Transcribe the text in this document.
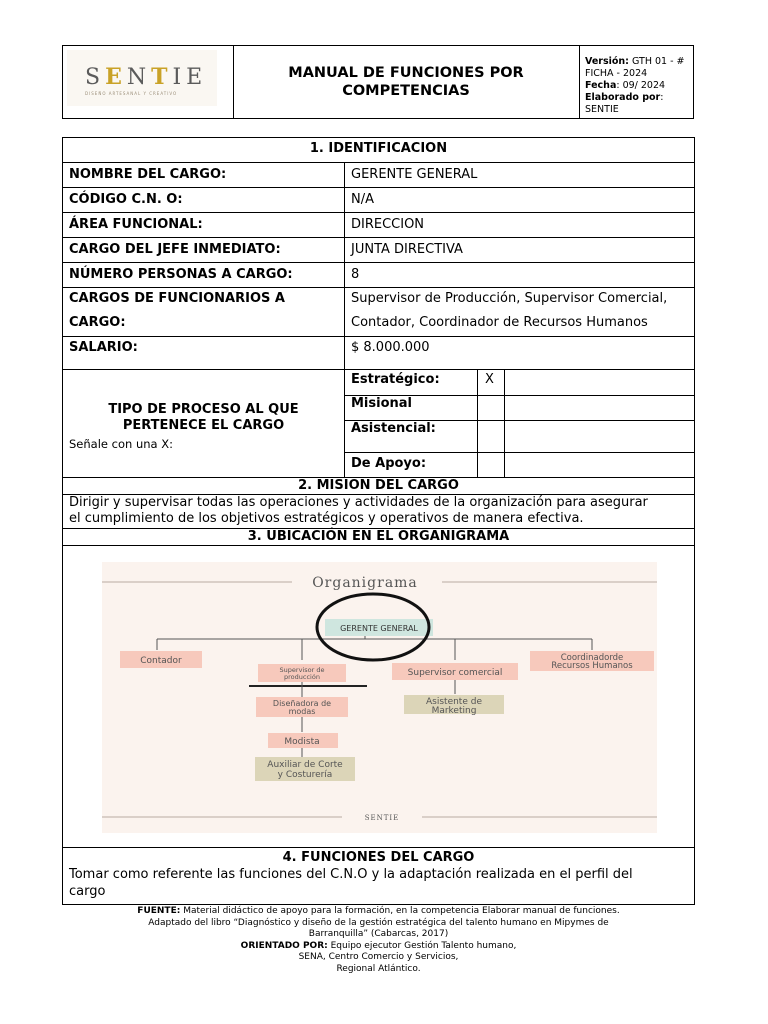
SENTIE
DISEÑO ARTESANAL Y CREATIVO
MANUAL DE FUNCIONES POR COMPETENCIAS
Versión: GTH 01 - # FICHA - 2024
Fecha: 09/ 2024
Elaborado por: SENTIE
1. IDENTIFICACION
NOMBRE DEL CARGO:	GERENTE GENERAL
CÓDIGO C.N. O:	N/A
ÁREA FUNCIONAL:	DIRECCION
CARGO DEL JEFE INMEDIATO:	JUNTA DIRECTIVA
NÚMERO PERSONAS A CARGO:	8
CARGOS DE FUNCIONARIOS A
CARGO:
Supervisor de Producción, Supervisor Comercial,
Contador, Coordinador de Recursos Humanos
SALARIO:	$ 8.000.000
TIPO DE PROCESO AL QUE
PERTENECE EL CARGO
Señale con una X:
Estratégico:	X
Misional
Asistencial:
De Apoyo:
2. MISION DEL CARGO
Dirigir y supervisar todas las operaciones y actividades de la organización para asegurar
el cumplimiento de los objetivos estratégicos y operativos de manera efectiva.
3. UBICACIÓN EN EL ORGANIGRAMA
Organigrama
GERENTE GENERAL
Contador
Supervisor de
producción	Supervisor comercial
Coordinadorde
Recursos Humanos
Diseñadora de
modas
Modista
Auxiliar de Corte
y Costurería
Asistente de
Marketing
SENTIE
4. FUNCIONES DEL CARGO
Tomar como referente las funciones del C.N.O y la adaptación realizada en el perfil del
cargo
FUENTE: Material didáctico de apoyo para la formación, en la competencia Elaborar manual de funciones.
Adaptado del libro “Diagnóstico y diseño de la gestión estratégica del talento humano en Mipymes de
Barranquilla” (Cabarcas, 2017)
ORIENTADO POR: Equipo ejecutor Gestión Talento humano,
SENA, Centro Comercio y Servicios,
Regional Atlántico.
